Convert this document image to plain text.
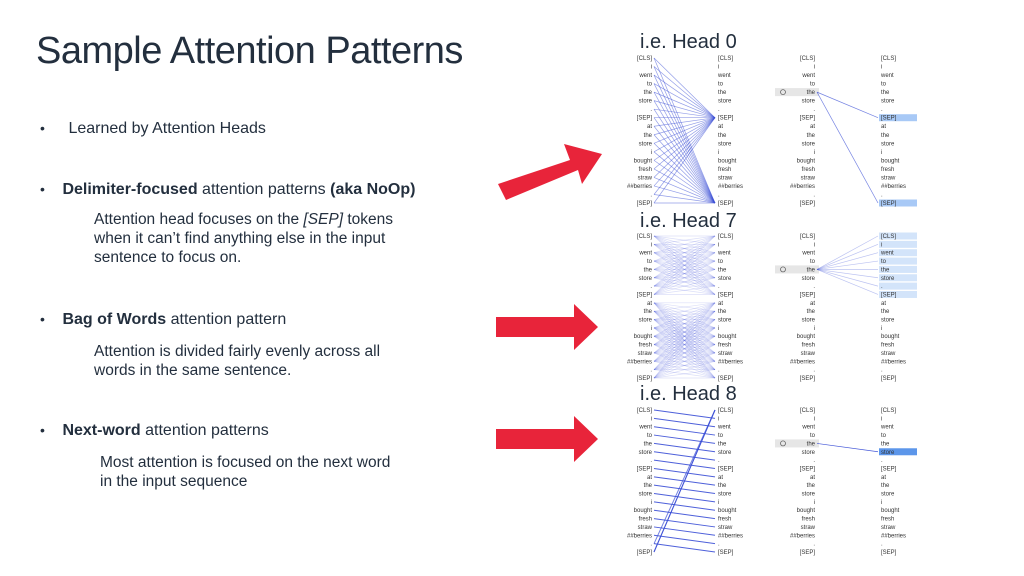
Sample Attention Patterns
• Learned by Attention Heads
• Delimiter-focused attention patterns (aka NoOp)
Attention head focuses on the [SEP] tokens
when it can’t find anything else in the input
sentence to focus on.
• Bag of Words attention pattern
Attention is divided fairly evenly across all
words in the same sentence.
• Next-word attention patterns
Most attention is focused on the next word
in the input sequence
i.e. Head 0
i.e. Head 7
i.e. Head 8
[CLS]	[CLS]
i	i
went	went
to	to
the	the
store	store
.	.
[SEP]	[SEP]
at	at
the	the
store	store
i	i
bought	bought
fresh	fresh
straw	straw
##berries	##berries
.	.
[SEP]	[SEP]
[CLS]	[CLS]
i	i
went	went
to	to
the	the
store	store
.	.
[SEP]	[SEP]
at	at
the	the
store	store
i	i
bought	bought
fresh	fresh
straw	straw
##berries	##berries
.	.
[SEP]	[SEP]
[CLS]	[CLS]
i	i
went	went
to	to
the	the
store	store
.	.
[SEP]	[SEP]
at	at
the	the
store	store
i	i
bought	bought
fresh	fresh
straw	straw
##berries	##berries
.	.
[SEP]	[SEP]
[CLS]	[CLS]
i	i
went	went
to	to
the	the
store	store
.	.
[SEP]	[SEP]
at	at
the	the
store	store
i	i
bought	bought
fresh	fresh
straw	straw
##berries	##berries
.	.
[SEP]	[SEP]
[CLS]	[CLS]
i	i
went	went
to	to
the	the
store	store
.	.
[SEP]	[SEP]
at	at
the	the
store	store
i	i
bought	bought
fresh	fresh
straw	straw
##berries	##berries
.	.
[SEP]	[SEP]
[CLS]	[CLS]
i	i
went	went
to	to
the	the
store	store
.	.
[SEP]	[SEP]
at	at
the	the
store	store
i	i
bought	bought
fresh	fresh
straw	straw
##berries	##berries
.	.
[SEP]	[SEP]
